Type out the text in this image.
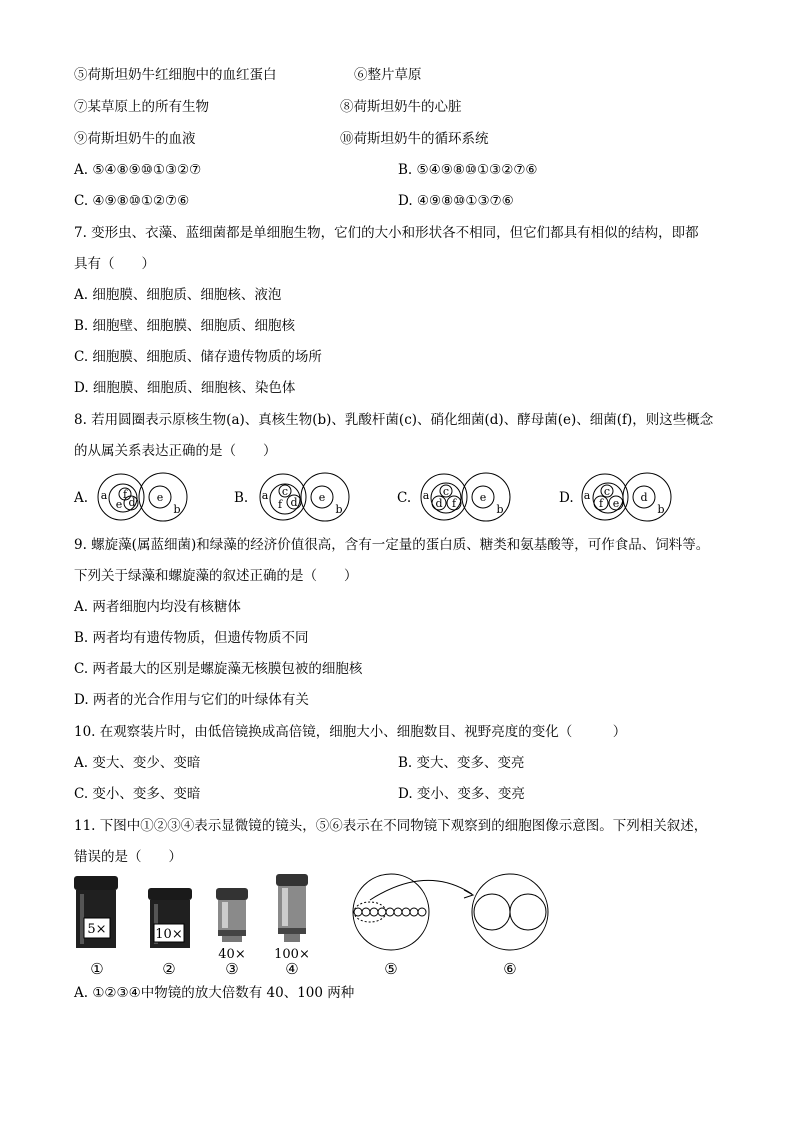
⑤荷斯坦奶牛红细胞中的血红蛋白	⑥整片草原
⑦某草原上的所有生物	⑧荷斯坦奶牛的心脏
⑨荷斯坦奶牛的血液	⑩荷斯坦奶牛的循环系统
A. ⑤④⑧⑨⑩①③②⑦	B. ⑤④⑨⑧⑩①③②⑦⑥
C. ④⑨⑧⑩①②⑦⑥	D. ④⑨⑧⑩①③⑦⑥
7. 变形虫、衣藻、蓝细菌都是单细胞生物，它们的大小和形状各不相同，但它们都具有相似的结构，即都
具有（　　）
A. 细胞膜、细胞质、细胞核、液泡
B. 细胞壁、细胞膜、细胞质、细胞核
C. 细胞膜、细胞质、储存遗传物质的场所
D. 细胞膜、细胞质、细胞核、染色体
8. 若用圆圈表示原核生物(a)、真核生物(b)、乳酸杆菌(c)、硝化细菌(d)、酵母菌(e)、细菌(f)，则这些概念
的从属关系表达正确的是（　　）
A.	B.	C.	D.
a f
e d e
b
a c
f d e
b
a c
d f e
b
a c
f e d
b
9. 螺旋藻(属蓝细菌)和绿藻的经济价值很高，含有一定量的蛋白质、糖类和氨基酸等，可作食品、饲料等。
下列关于绿藻和螺旋藻的叙述正确的是（　　）
A. 两者细胞内均没有核糖体
B. 两者均有遗传物质，但遗传物质不同
C. 两者最大的区别是螺旋藻无核膜包被的细胞核
D. 两者的光合作用与它们的叶绿体有关
10. 在观察装片时，由低倍镜换成高倍镜，细胞大小、细胞数目、视野亮度的变化（　　　）
A. 变大、变少、变暗	B. 变大、变多、变亮
C. 变小、变多、变暗	D. 变小、变多、变亮
11. 下图中①②③④表示显微镜的镜头，⑤⑥表示在不同物镜下观察到的细胞图像示意图。下列相关叙述，
错误的是（　　）
5×	10×
40× 100×
①	②	③	④	⑤	⑥
A. ①②③④中物镜的放大倍数有 40、100 两种
